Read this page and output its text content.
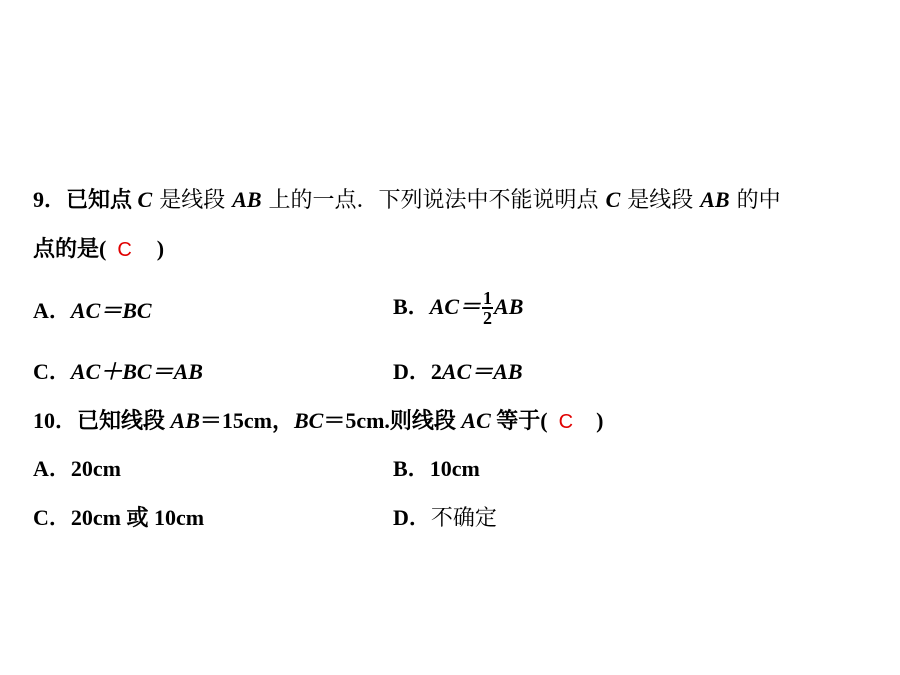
9．已知点 C 是线段 AB 上的一点．下列说法中不能说明点 C 是线段 AB 的中
点的是( C )
A．AC＝BC	B．$AC= \frac{1}{2}$ AB
C．AC＋BC＝AB	D．2AC＝AB
10．已知线段 AB＝15cm，BC＝5cm.则线段 AC 等于( C )
A．20cm	B．10cm
C．20cm 或 10cm	D．不确定
